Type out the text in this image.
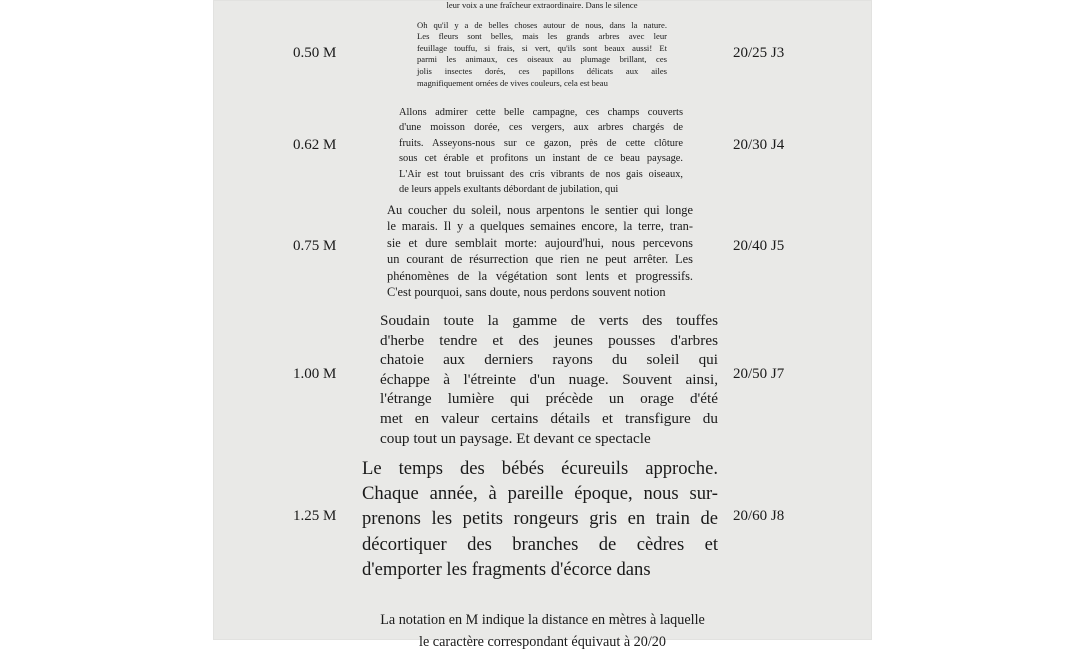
0.50 M
leur voix a une fraîcheur extraordinaire. Dans le silence
Oh qu'il y a de belles choses autour de nous, dans la nature.
Les fleurs sont belles, mais les grands arbres avec leur
feuillage touffu, si frais, si vert, qu'ils sont beaux aussi! Et
parmi les animaux, ces oiseaux au plumage brillant, ces
jolis insectes dorés, ces papillons délicats aux ailes
magnifiquement ornées de vives couleurs, cela est beau
20/25 J3
0.62 M
Allons admirer cette belle campagne, ces champs couverts
d'une moisson dorée, ces vergers, aux arbres chargés de
fruits. Asseyons-nous sur ce gazon, près de cette clôture
sous cet érable et profitons un instant de ce beau paysage.
L'Air est tout bruissant des cris vibrants de nos gais oiseaux,
de leurs appels exultants débordant de jubilation, qui
20/30 J4
0.75 M
Au coucher du soleil, nous arpentons le sentier qui longe
le marais. Il y a quelques semaines encore, la terre, tran-
sie et dure semblait morte: aujourd'hui, nous percevons
un courant de résurrection que rien ne peut arrêter. Les
phénomènes de la végétation sont lents et progressifs.
C'est pourquoi, sans doute, nous perdons souvent notion
20/40 J5
1.00 M
Soudain toute la gamme de verts des touffes
d'herbe tendre et des jeunes pousses d'arbres
chatoie aux derniers rayons du soleil qui
échappe à l'étreinte d'un nuage. Souvent ainsi,
l'étrange lumière qui précède un orage d'été
met en valeur certains détails et transfigure du
coup tout un paysage. Et devant ce spectacle
20/50 J7
1.25 M
Le temps des bébés écureuils approche.
Chaque année, à pareille époque, nous sur-
prenons les petits rongeurs gris en train de
décortiquer des branches de cèdres et
d'emporter les fragments d'écorce dans
20/60 J8
La notation en M indique la distance en mètres à laquelle
le caractère correspondant équivaut à 20/20
